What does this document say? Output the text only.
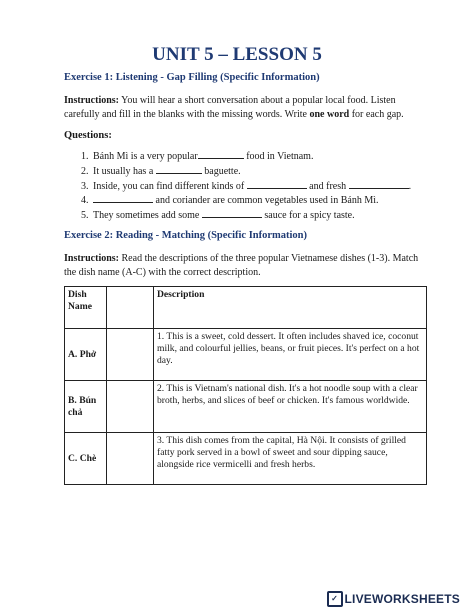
UNIT 5 – LESSON 5
Exercise 1: Listening - Gap Filling (Specific Information)
Instructions: You will hear a short conversation about a popular local food. Listen carefully and fill in the blanks with the missing words. Write one word for each gap.
Questions:
1. Bánh Mì is a very popular	food in Vietnam.
2. It usually has a	baguette.
3. Inside, you can find different kinds of	and fresh	.
4. and coriander are common vegetables used in Bánh Mì.
5. They sometimes add some	sauce for a spicy taste.
Exercise 2: Reading - Matching (Specific Information)
Instructions: Read the descriptions of the three popular Vietnamese dishes (1-3). Match the dish name (A-C) with the correct description.
Dish Name		Description
A. Phở		1. This is a sweet, cold dessert. It often includes shaved ice, coconut milk, and colourful jellies, beans, or fruit pieces. It's perfect on a hot day.
B. Bún chả		2. This is Vietnam's national dish. It's a hot noodle soup with a clear broth, herbs, and slices of beef or chicken. It's famous worldwide.
C. Chè		3. This dish comes from the capital, Hà Nội. It consists of grilled fatty pork served in a bowl of sweet and sour dipping sauce, alongside rice vermicelli and fresh herbs.
✓ LIVEWORKSHEETS
